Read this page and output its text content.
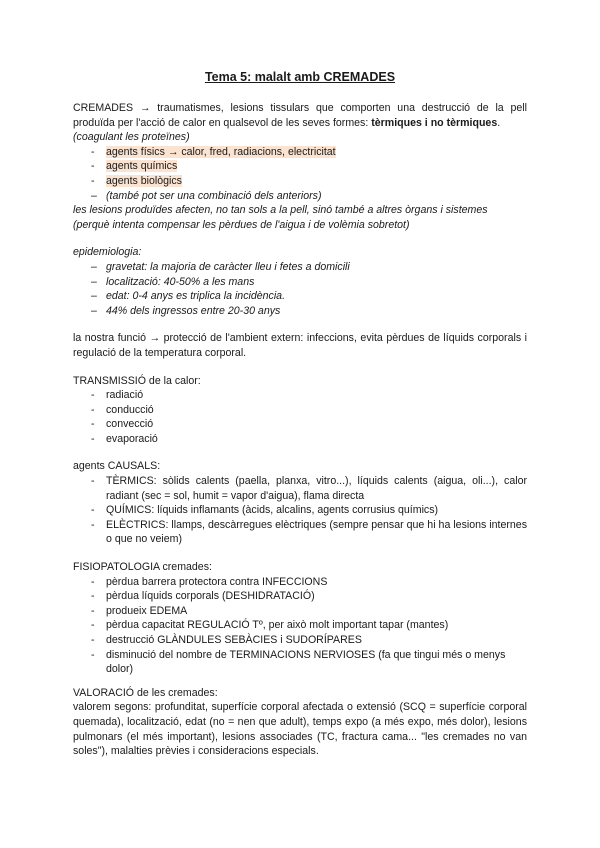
Tema 5: malalt amb CREMADES

CREMADES → traumatismes, lesions tissulars que comporten una destrucció de la pell produïda per l'acció de calor en qualsevol de les seves formes: tèrmiques i no tèrmiques.

(coagulant les proteïnes)

- agents físics → calor, fred, radiacions, electricitat
- agents químics
- agents biològics
– (també pot ser una combinació dels anteriors)

les lesions produïdes afecten, no tan sols a la pell, sinó també a altres òrgans i sistemes

(perquè intenta compensar les pèrdues de l'aigua i de volèmia sobretot)

epidemiologia:

– gravetat: la majoria de caràcter lleu i fetes a domicili
– localització: 40-50% a les mans
– edat: 0-4 anys es triplica la incidència.
– 44% dels ingressos entre 20-30 anys

la nostra funció → protecció de l'ambient extern: infeccions, evita pèrdues de líquids corporals i regulació de la temperatura corporal.

TRANSMISSIÓ de la calor:

- radiació
- conducció
- convecció
- evaporació

agents CAUSALS:

- TÈRMICS: sòlids calents (paella, planxa, vitro...), líquids calents (aigua, oli...), calor radiant (sec = sol, humit = vapor d'aigua), flama directa
- QUÍMICS: líquids inflamants (àcids, alcalins, agents corrusius químics)
- ELÈCTRICS: llamps, descàrregues elèctriques (sempre pensar que hi ha lesions internes o que no veiem)

FISIOPATOLOGIA cremades:

- pèrdua barrera protectora contra INFECCIONS
- pèrdua líquids corporals (DESHIDRATACIÓ)
- produeix EDEMA
- pèrdua capacitat REGULACIÓ Tº, per això molt important tapar (mantes)
- destrucció GLÀNDULES SEBÀCIES i SUDORÍPARES
- disminució del nombre de TERMINACIONS NERVIOSES (fa que tingui més o menys dolor)

VALORACIÓ de les cremades:

valorem segons: profunditat, superfície corporal afectada o extensió (SCQ = superfície corporal quemada), localització, edat (no = nen que adult), temps expo (a més expo, més dolor), lesions pulmonars (el més important), lesions associades (TC, fractura cama... "les cremades no van soles"), malalties prèvies i consideracions especials.
